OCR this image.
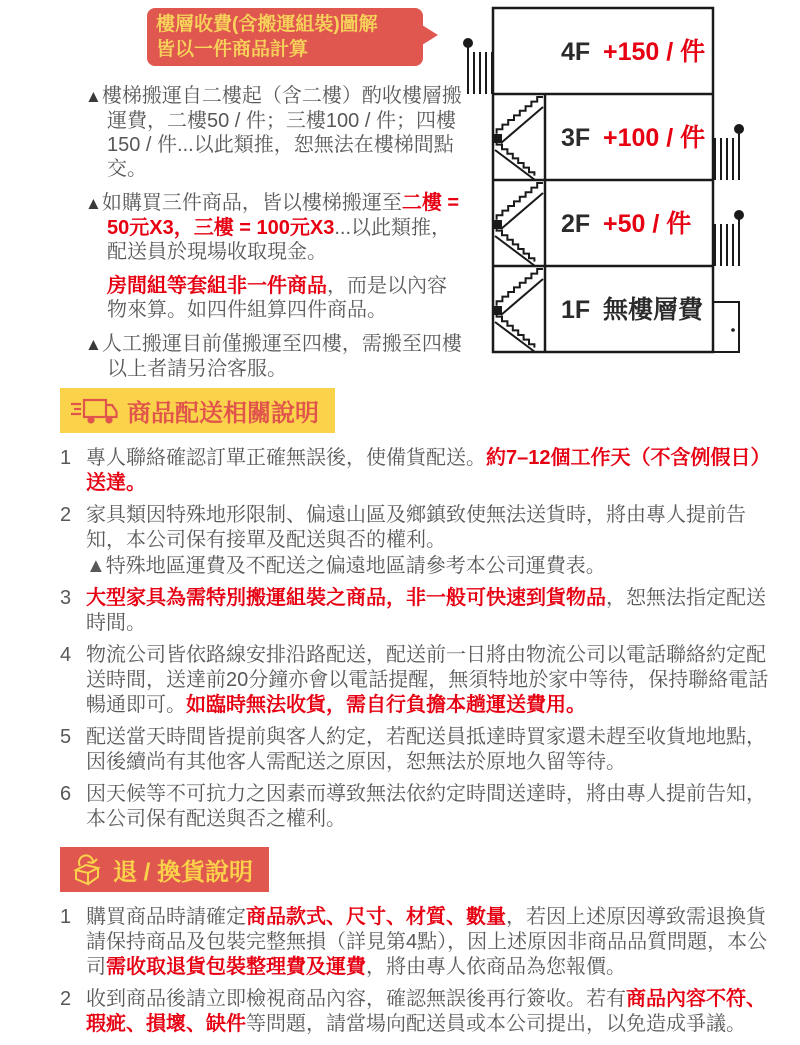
樓層收費(含搬運組裝)圖解
皆以一件商品計算

▲樓梯搬運自二樓起（含二樓）酌收樓層搬運費，二樓50 / 件；三樓100 / 件；四樓150 / 件...以此類推，恕無法在樓梯間點交。

▲如購買三件商品，皆以樓梯搬運至二樓 = 50元X3，三樓 = 100元X3...以此類推，配送員於現場收取現金。

房間組等套組非一件商品，而是以內容物來算。如四件組算四件商品。

▲人工搬運目前僅搬運至四樓，需搬至四樓以上者請另洽客服。

4F +150 / 件
3F +100 / 件
2F +50 / 件
1F 無樓層費
商品配送相關說明
1 專人聯絡確認訂單正確無誤後，使備貨配送。約7–12個工作天（不含例假日）送達。
2 家具類因特殊地形限制、偏遠山區及鄉鎮致使無法送貨時，將由專人提前告知，本公司保有接單及配送與否的權利。
▲特殊地區運費及不配送之偏遠地區請參考本公司運費表。
3 大型家具為需特別搬運組裝之商品，非一般可快速到貨物品，恕無法指定配送時間。
4 物流公司皆依路線安排沿路配送，配送前一日將由物流公司以電話聯絡約定配送時間，送達前20分鐘亦會以電話提醒，無須特地於家中等待，保持聯絡電話暢通即可。如臨時無法收貨，需自行負擔本趟運送費用。
5 配送當天時間皆提前與客人約定，若配送員抵達時買家還未趕至收貨地地點，因後續尚有其他客人需配送之原因，恕無法於原地久留等待。
6 因天候等不可抗力之因素而導致無法依約定時間送達時，將由專人提前告知，本公司保有配送與否之權利。
退 / 換貨說明
1 購買商品時請確定商品款式、尺寸、材質、數量，若因上述原因導致需退換貨請保持商品及包裝完整無損（詳見第4點），因上述原因非商品品質問題，本公司需收取退貨包裝整理費及運費，將由專人依商品為您報價。
2 收到商品後請立即檢視商品內容，確認無誤後再行簽收。若有商品內容不符、瑕疵、損壞、缺件等問題，請當場向配送員或本公司提出，以免造成爭議。
